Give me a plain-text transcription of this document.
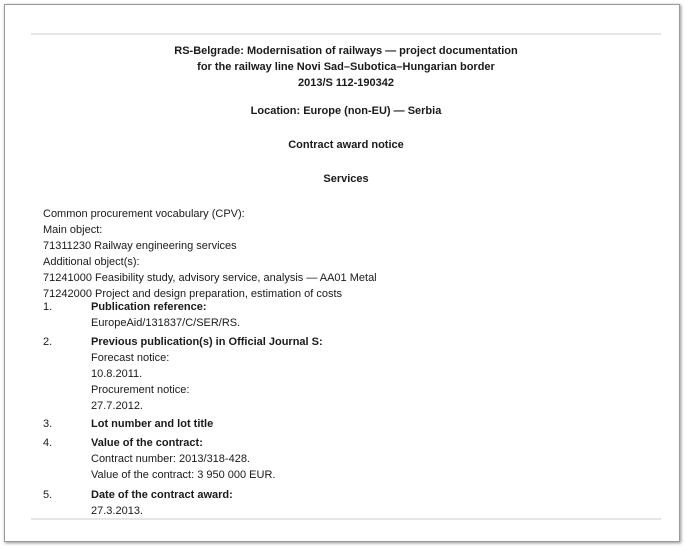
RS-Belgrade: Modernisation of railways — project documentation
for the railway line Novi Sad–Subotica–Hungarian border
2013/S 112-190342
Location: Europe (non-EU) — Serbia
Contract award notice
Services
Common procurement vocabulary (CPV):
Main object:
71311230 Railway engineering services
Additional object(s):
71241000 Feasibility study, advisory service, analysis — AA01 Metal
71242000 Project and design preparation, estimation of costs
1.	Publication reference:
EuropeAid/131837/C/SER/RS.
2.	Previous publication(s) in Official Journal S:
Forecast notice:
10.8.2011.
Procurement notice:
27.7.2012.
3.	Lot number and lot title
4.	Value of the contract:
Contract number: 2013/318-428.
Value of the contract: 3 950 000 EUR.
5.	Date of the contract award:
27.3.2013.
